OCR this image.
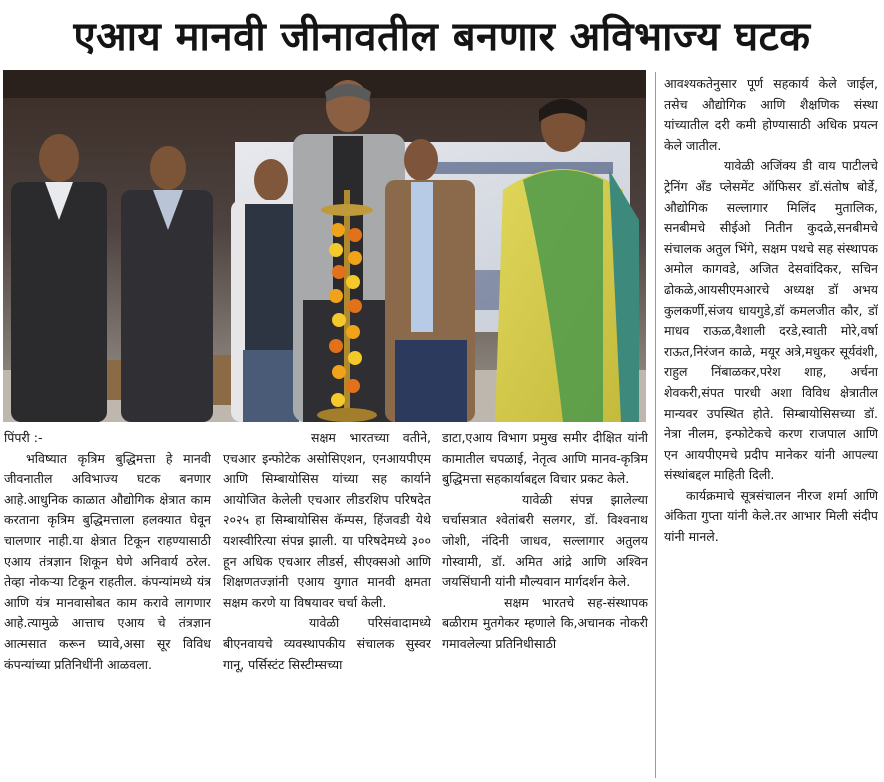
एआय मानवी जीनावतील बनणार अविभाज्य घटक

पिंपरी :-

भविष्यात कृत्रिम बुद्धिमत्ता हे मानवी जीवनातील अविभाज्य घटक बनणार आहे.आधुनिक काळात औद्योगिक क्षेत्रात काम करताना कृत्रिम बुद्धिमत्ताला हलक्यात घेवून चालणार नाही.या क्षेत्रात टिकून राहण्यासाठी एआय तंत्रज्ञान शिकून घेणे अनिवार्य ठरेल. तेव्हा नोकऱ्या टिकून राहतील. कंपन्यांमध्ये यंत्र आणि यंत्र मानवासोबत काम करावे लागणार आहे.त्यामुळे आत्ताच एआय चे तंत्रज्ञान आत्मसात करून घ्यावे,असा सूर विविध कंपन्यांच्या प्रतिनिधींनी आळवला.

सक्षम भारतच्या वतीने, एचआर इन्फोटेक असोसिएशन, एनआयपीएम आणि सिम्बायोसिस यांच्या सह कार्याने आयोजित केलेली एचआर लीडरशिप परिषदेत २०२५ हा सिम्बायोसिस कॅम्पस, हिंजवडी येथे यशस्वीरित्या संपन्न झाली. या परिषदेमध्ये ३०० हून अधिक एचआर लीडर्स, सीएक्सओ आणि शिक्षणतज्ज्ञांनी एआय युगात मानवी क्षमता सक्षम करणे या विषयावर चर्चा केली.

यावेळी परिसंवादामध्ये बीएनवायचे व्यवस्थापकीय संचालक सुस्वर गानू, पर्सिस्टंट सिस्टीम्सच्या

डाटा,एआय विभाग प्रमुख समीर दीक्षित यांनी कामातील चपळाई, नेतृत्व आणि मानव-कृत्रिम बुद्धिमत्ता सहकार्याबद्दल विचार प्रकट केले.

यावेळी संपन्न झालेल्या चर्चासत्रात श्वेतांबरी सलगर, डॉ. विश्वनाथ जोशी, नंदिनी जाधव, सल्लागार अतुलय गोस्वामी, डॉ. अमित आंद्रे आणि अश्विन जयसिंघानी यांनी मौल्यवान मार्गदर्शन केले.

सक्षम भारतचे सह-संस्थापक बळीराम मुतगेकर म्हणाले कि,अचानक नोकरी गमावलेल्या प्रतिनिधीसाठी

आवश्यकतेनुसार पूर्ण सहकार्य केले जाईल, तसेच औद्योगिक आणि शैक्षणिक संस्था यांच्यातील दरी कमी होण्यासाठी अधिक प्रयत्न केले जातील.

यावेळी अजिंक्य डी वाय पाटीलचे ट्रेनिंग अँड प्लेसमेंट ऑफिसर डॉ.संतोष बोर्डे, औद्योगिक सल्लागार मिलिंद मुतालिक, सनबीमचे सीईओ नितीन कुदळे,सनबीमचे संचालक अतुल भिंगे, सक्षम पथचे सह संस्थापक अमोल कागवडे, अजित देसवांदिकर, सचिन ढोकळे,आयसीएमआरचे अध्यक्ष डॉ अभय कुलकर्णी,संजय धायगुडे,डॉ कमलजीत कौर, डॉ माधव राऊळ,वैशाली दरडे,स्वाती मोरे,वर्षा राऊत,निरंजन काळे, मयूर अत्रे,मधुकर सूर्यवंशी, राहुल निंबाळकर,परेश शाह, अर्चना शेवकरी,संपत पारधी अशा विविध क्षेत्रातील मान्यवर उपस्थित होते. सिम्बायोसिसच्या डॉ. नेत्रा नीलम, इन्फोटेकचे करण राजपाल आणि एन आयपीएमचे प्रदीप मानेकर यांनी आपल्या संस्थांबद्दल माहिती दिली.

कार्यक्रमाचे सूत्रसंचालन नीरज शर्मा आणि अंकिता गुप्ता यांनी केले.तर आभार मिली संदीप यांनी मानले.
